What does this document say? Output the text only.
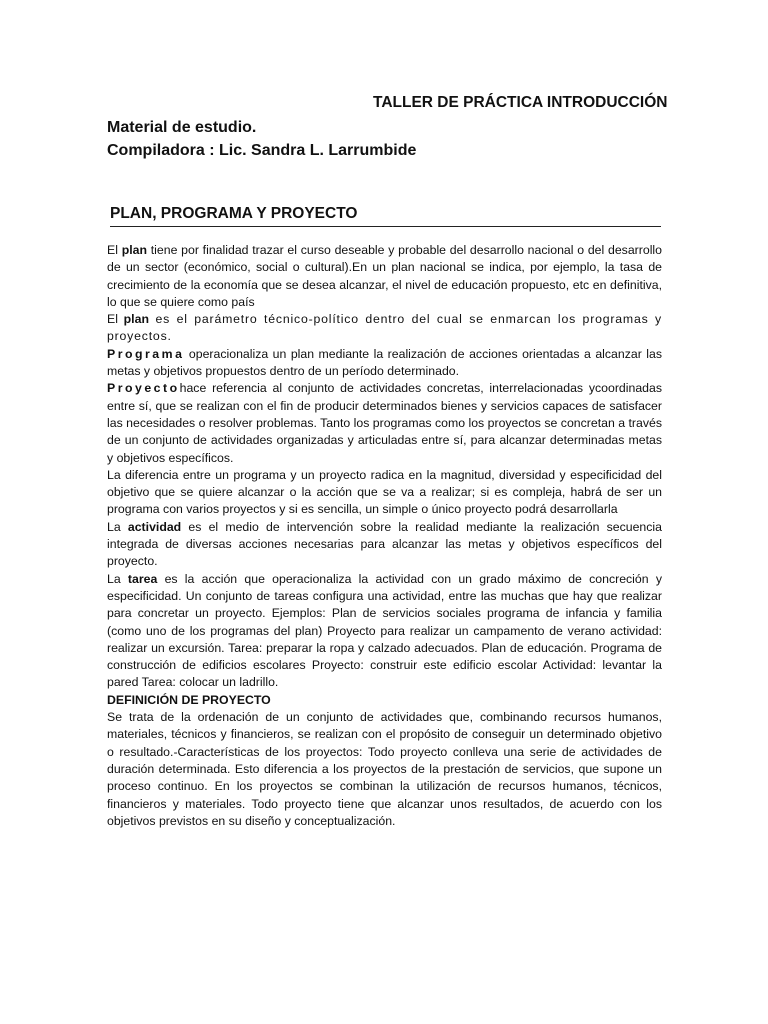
TALLER DE PRÁCTICA INTRODUCCIÓN
Material de estudio.
Compiladora : Lic. Sandra L. Larrumbide
PLAN, PROGRAMA Y PROYECTO

El plan tiene por finalidad trazar el curso deseable y probable del desarrollo nacional o del desarrollo de un sector (económico, social o cultural).En un plan nacional se indica, por ejemplo, la tasa de crecimiento de la economía que se desea alcanzar, el nivel de educación propuesto, etc en definitiva, lo que se quiere como país

El plan es el parámetro técnico-político dentro del cual se enmarcan los programas y proyectos.

Programa operacionaliza un plan mediante la realización de acciones orientadas a alcanzar las metas y objetivos propuestos dentro de un período determinado.

Proyectohace referencia al conjunto de actividades concretas, interrelacionadas ycoordinadas entre sí, que se realizan con el fin de producir determinados bienes y servicios capaces de satisfacer las necesidades o resolver problemas. Tanto los programas como los proyectos se concretan a través de un conjunto de actividades organizadas y articuladas entre sí, para alcanzar determinadas metas y objetivos específicos.

La diferencia entre un programa y un proyecto radica en la magnitud, diversidad y especificidad del objetivo que se quiere alcanzar o la acción que se va a realizar; si es compleja, habrá de ser un programa con varios proyectos y si es sencilla, un simple o único proyecto podrá desarrollarla

La actividad es el medio de intervención sobre la realidad mediante la realización secuencia integrada de diversas acciones necesarias para alcanzar las metas y objetivos específicos del proyecto.

La tarea es la acción que operacionaliza la actividad con un grado máximo de concreción y especificidad. Un conjunto de tareas configura una actividad, entre las muchas que hay que realizar para concretar un proyecto. Ejemplos: Plan de servicios sociales programa de infancia y familia (como uno de los programas del plan) Proyecto para realizar un campamento de verano actividad: realizar un excursión. Tarea: preparar la ropa y calzado adecuados. Plan de educación. Programa de construcción de edificios escolares Proyecto: construir este edificio escolar Actividad: levantar la pared Tarea: colocar un ladrillo.

DEFINICIÓN DE PROYECTO

Se trata de la ordenación de un conjunto de actividades que, combinando recursos humanos, materiales, técnicos y financieros, se realizan con el propósito de conseguir un determinado objetivo o resultado.-Características de los proyectos: Todo proyecto conlleva una serie de actividades de duración determinada. Esto diferencia a los proyectos de la prestación de servicios, que supone un proceso continuo. En los proyectos se combinan la utilización de recursos humanos, técnicos, financieros y materiales. Todo proyecto tiene que alcanzar unos resultados, de acuerdo con los objetivos previstos en su diseño y conceptualización.
